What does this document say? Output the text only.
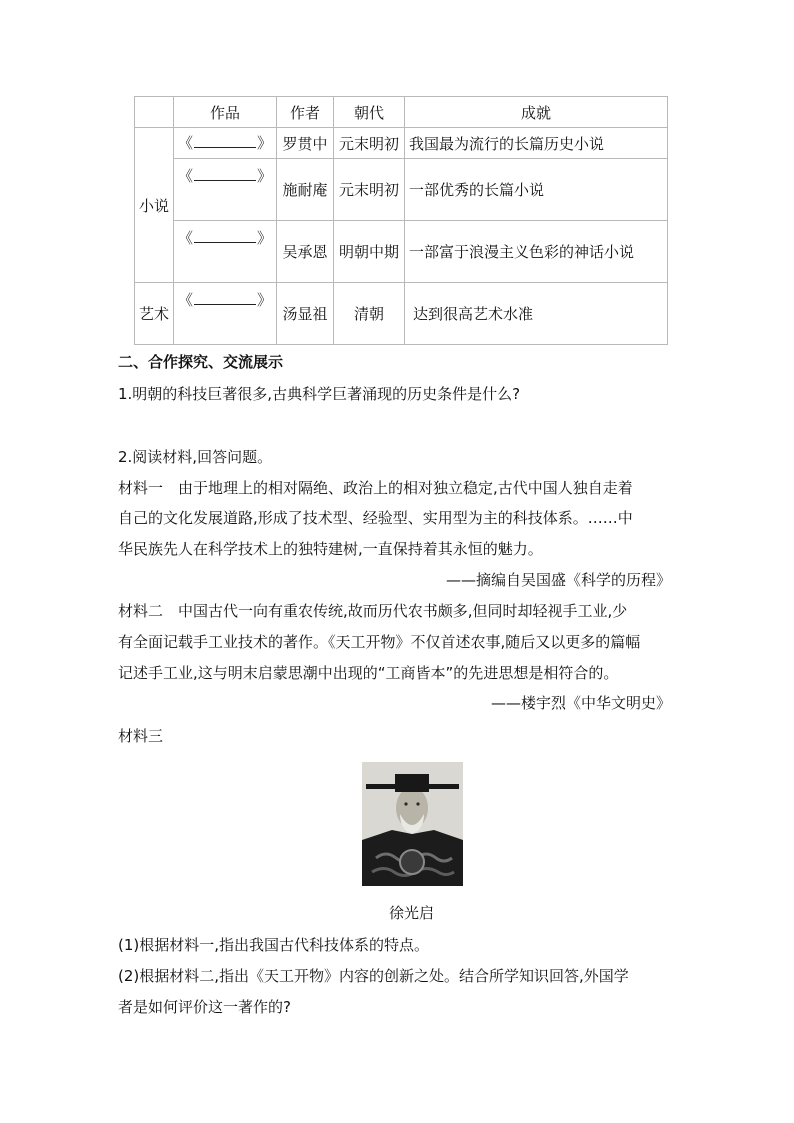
	作品	作者	朝代	成就
小说	《 》	罗贯中	元末明初	我国最为流行的长篇历史小说
	《 》	施耐庵	元末明初	一部优秀的长篇小说
	《 》	吴承恩	明朝中期	一部富于浪漫主义色彩的神话小说
艺术	《 》	汤显祖	清朝	达到很高艺术水准
二、合作探究、交流展示
1.明朝的科技巨著很多,古典科学巨著涌现的历史条件是什么?
2.阅读材料,回答问题。
材料一　由于地理上的相对隔绝、政治上的相对独立稳定,古代中国人独自走着
自己的文化发展道路,形成了技术型、经验型、实用型为主的科技体系。……中
华民族先人在科学技术上的独特建树,一直保持着其永恒的魅力。
——摘编自吴国盛《科学的历程》
材料二　中国古代一向有重农传统,故而历代农书颇多,但同时却轻视手工业,少
有全面记载手工业技术的著作。《天工开物》不仅首述农事,随后又以更多的篇幅
记述手工业,这与明末启蒙思潮中出现的“工商皆本”的先进思想是相符合的。
——楼宇烈《中华文明史》
材料三
徐光启
(1)根据材料一,指出我国古代科技体系的特点。
(2)根据材料二,指出《天工开物》内容的创新之处。结合所学知识回答,外国学
者是如何评价这一著作的?
